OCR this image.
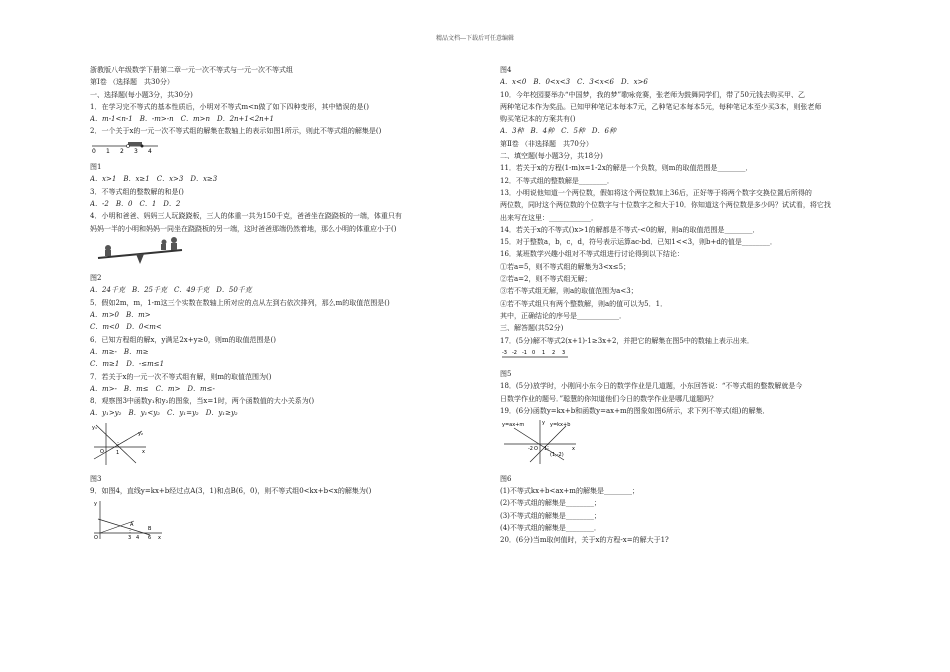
精品文档---下载后可任意编辑
浙教版八年级数学下册第二章一元一次不等式与一元一次不等式组
第Ⅰ卷 （选择题　共30分）
一、选择题(每小题3分，共30分)
1．在学习完不等式的基本性质后，小明对不等式m<n做了如下四种变形，其中错误的是()
A．m-1<n-1　B．-m>-n　C．m>n　D．2n+1<2n+1
2．一个关于x的一元一次不等式组的解集在数轴上的表示如图1所示，则此不等式组的解集是()
0 1 2 3 4
图1
A．x>1　B．x≥1　C．x>3　D．x≥3
3．不等式组的整数解的和是()
A．-2　B．0　C．1　D．2
4．小明和爸爸、妈妈三人玩跷跷板，三人的体重一共为150千克，爸爸坐在跷跷板的一端，体重只有
妈妈一半的小明和妈妈一同坐在跷跷板的另一端，这时爸爸那端仍然着地，那么小明的体重应小于()
图2
A．24千克　B．25千克　C．49千克　D．50千克
5．假如2m，m，1-m这三个实数在数轴上所对应的点从左到右依次排列，那么m的取值范围是()
A．m>0　B．m>
C．m<0　D．0<m<
6．已知方程组的解x，y满足2x+y≥0，则m的取值范围是()
A．m≥-　B．m≥
C．m≥1　D．-≤m≤1
7．若关于x的一元一次不等式组有解，则m的取值范围为()
A．m>-　B．m≤　C．m>　D．m≤-
8．观察图3中函数y₁和y₂的图象，当x=1时，两个函数值的大小关系为()
A．y₁>y₂　B．y₁<y₂　C．y₁=y₂　D．y₁≥y₂
y₁
y₂
x
O 1
图3
9．如图4，直线y=kx+b经过点A(3，1)和点B(6，0)，则不等式组0<kx+b<x的解集为()
y
A
B
O	3 4 6 x
图4
A．x<0　B．0<x<3　C．3<x<6　D．x>6
10．今年校园要举办“中国梦，我的梦”歌咏竞赛，张老师为鼓舞同学们，带了50元钱去购买甲、乙
两种笔记本作为奖品。已知甲种笔记本每本7元，乙种笔记本每本5元，每种笔记本至少买3本，则张老师
购买笔记本的方案共有()
A．3种　B．4种　C．5种　D．6种
第Ⅱ卷 （非选择题　共70分）
二、填空题(每小题3分，共18分)
11．若关于x的方程(1-m)x=1-2x的解是一个负数，则m的取值范围是________．
12．不等式组的整数解是________．
13．小明说他知道一个两位数，假如将这个两位数加上36后，正好等于将两个数字交换位置后所得的
两位数，同时这个两位数的个位数字与十位数字之和大于10．你知道这个两位数是多少吗？试试看，将它找
出来写在这里：____________．
14．若关于x的不等式()x>1的解都是不等式-<0的解，则a的取值范围是________．
15．对于整数a，b，c，d，符号表示运算ac-bd．已知1<<3，则b+d的值是________．
16．某班数学兴趣小组对不等式组进行讨论得到以下结论：
①若a=5，则不等式组的解集为3<x≤5；
②若a=2，则不等式组无解；
③若不等式组无解，则a的取值范围为a<3；
④若不等式组只有两个整数解，则a的值可以为5．1．
其中，正确结论的序号是____________．
三、解答题(共52分)
17．(5分)解不等式2(x+1)-1≥3x+2，并把它的解集在图5中的数轴上表示出来．
-3 -2 -1 0 1 2 3
图5
18．(5分)放学时，小刚问小东今日的数学作业是几道题，小东回答说：“不等式组的整数解就是今
日数学作业的题号．”聪慧的你知道他们今日的数学作业是哪几道题吗？
19．(6分)函数y=kx+b和函数y=ax+m的图象如图6所示，求下列不等式(组)的解集．
y=ax+m	y=kx+b
y
-2 O 1
(1,-2)
x
图6
(1)不等式kx+b<ax+m的解集是________；
(2)不等式组的解集是________；
(3)不等式组的解集是________；
(4)不等式组的解集是________．
20．(6分)当m取何值时，关于x的方程-x=的解大于1?
